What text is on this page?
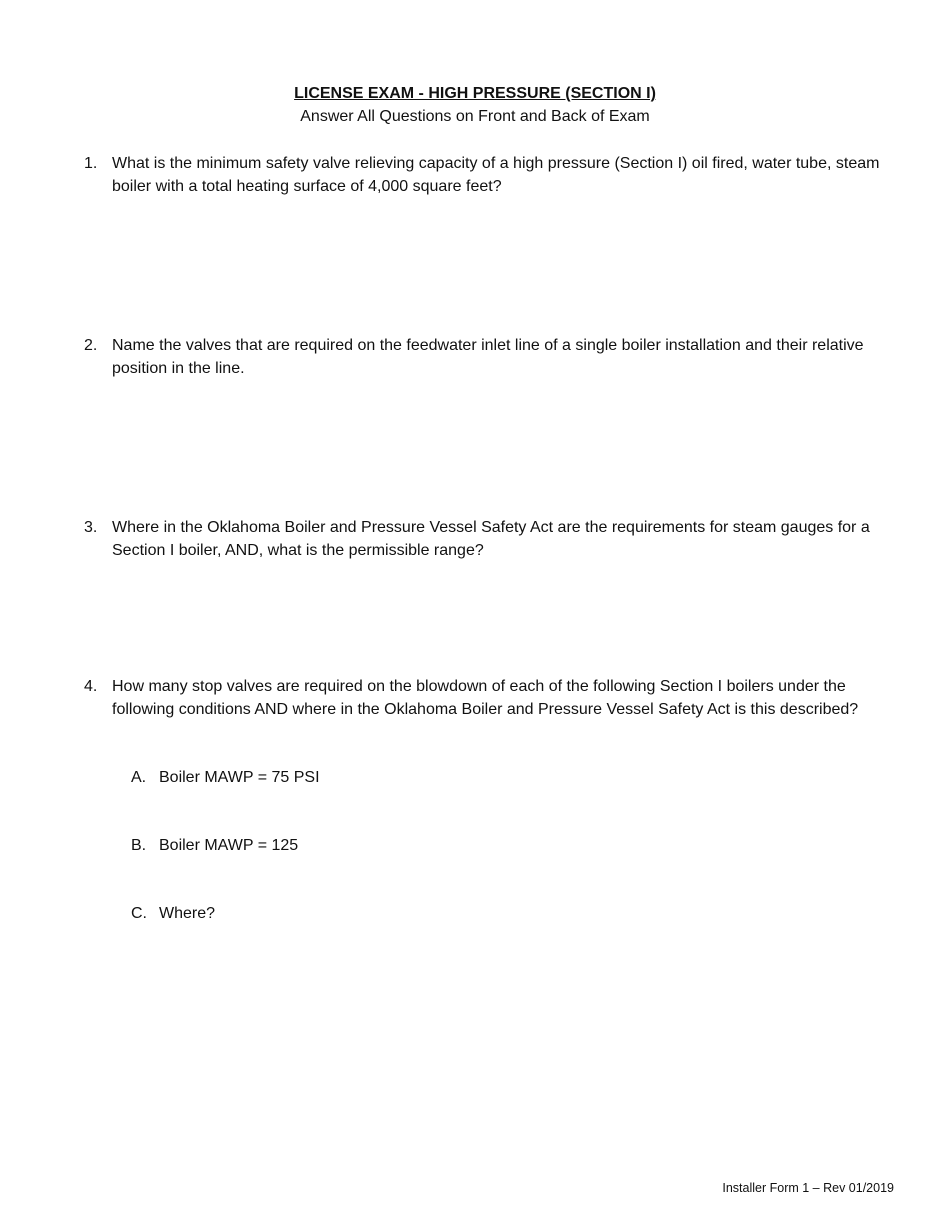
LICENSE EXAM - HIGH PRESSURE (SECTION I)
Answer All Questions on Front and Back of Exam
1. What is the minimum safety valve relieving capacity of a high pressure (Section I) oil fired, water tube, steam boiler with a total heating surface of 4,000 square feet?
2. Name the valves that are required on the feedwater inlet line of a single boiler installation and their relative position in the line.
3. Where in the Oklahoma Boiler and Pressure Vessel Safety Act are the requirements for steam gauges for a Section I boiler, AND, what is the permissible range?
4. How many stop valves are required on the blowdown of each of the following Section I boilers under the following conditions AND where in the Oklahoma Boiler and Pressure Vessel Safety Act is this described?
A. Boiler MAWP = 75 PSI
B. Boiler MAWP = 125
C. Where?
Installer Form 1 – Rev 01/2019
